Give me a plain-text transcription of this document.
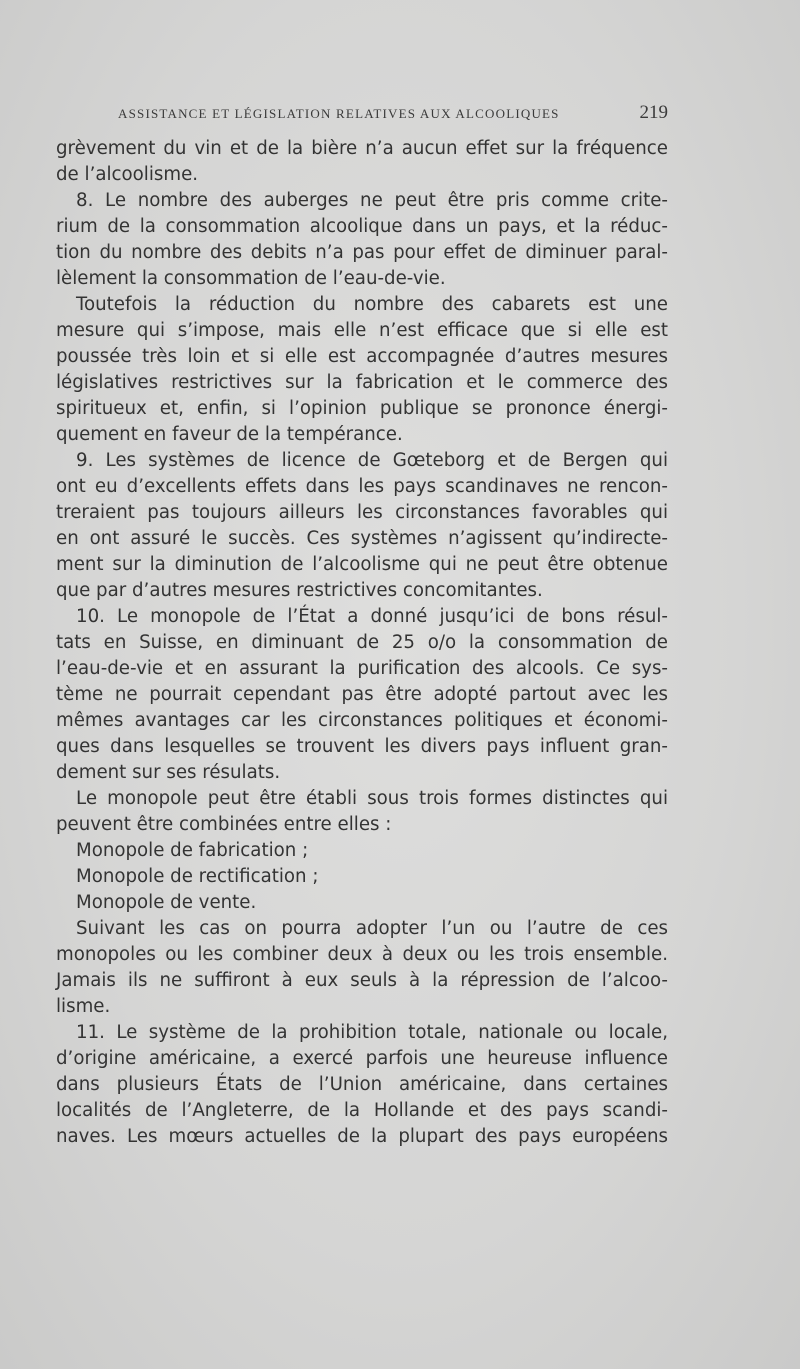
ASSISTANCE ET LÉGISLATION RELATIVES AUX ALCOOLIQUES	219
grèvement du vin et de la bière n’a aucun effet sur la fréquence
de l’alcoolisme.
8. Le nombre des auberges ne peut être pris comme crite-
rium de la consommation alcoolique dans un pays, et la réduc-
tion du nombre des debits n’a pas pour effet de diminuer paral-
lèlement la consommation de l’eau-de-vie.
Toutefois la réduction du nombre des cabarets est une
mesure qui s’impose, mais elle n’est efficace que si elle est
poussée très loin et si elle est accompagnée d’autres mesures
législatives restrictives sur la fabrication et le commerce des
spiritueux et, enfin, si l’opinion publique se prononce énergi-
quement en faveur de la tempérance.
9. Les systèmes de licence de Gœteborg et de Bergen qui
ont eu d’excellents effets dans les pays scandinaves ne rencon-
treraient pas toujours ailleurs les circonstances favorables qui
en ont assuré le succès. Ces systèmes n’agissent qu’indirecte-
ment sur la diminution de l’alcoolisme qui ne peut être obtenue
que par d’autres mesures restrictives concomitantes.
10. Le monopole de l’État a donné jusqu’ici de bons résul-
tats en Suisse, en diminuant de 25 o/o la consommation de
l’eau-de-vie et en assurant la purification des alcools. Ce sys-
tème ne pourrait cependant pas être adopté partout avec les
mêmes avantages car les circonstances politiques et économi-
ques dans lesquelles se trouvent les divers pays influent gran-
dement sur ses résulats.
Le monopole peut être établi sous trois formes distinctes qui
peuvent être combinées entre elles :
Monopole de fabrication ;
Monopole de rectification ;
Monopole de vente.
Suivant les cas on pourra adopter l’un ou l’autre de ces
monopoles ou les combiner deux à deux ou les trois ensemble.
Jamais ils ne suffiront à eux seuls à la répression de l’alcoo-
lisme.
11. Le système de la prohibition totale, nationale ou locale,
d’origine américaine, a exercé parfois une heureuse influence
dans plusieurs États de l’Union américaine, dans certaines
localités de l’Angleterre, de la Hollande et des pays scandi-
naves. Les mœurs actuelles de la plupart des pays européens
